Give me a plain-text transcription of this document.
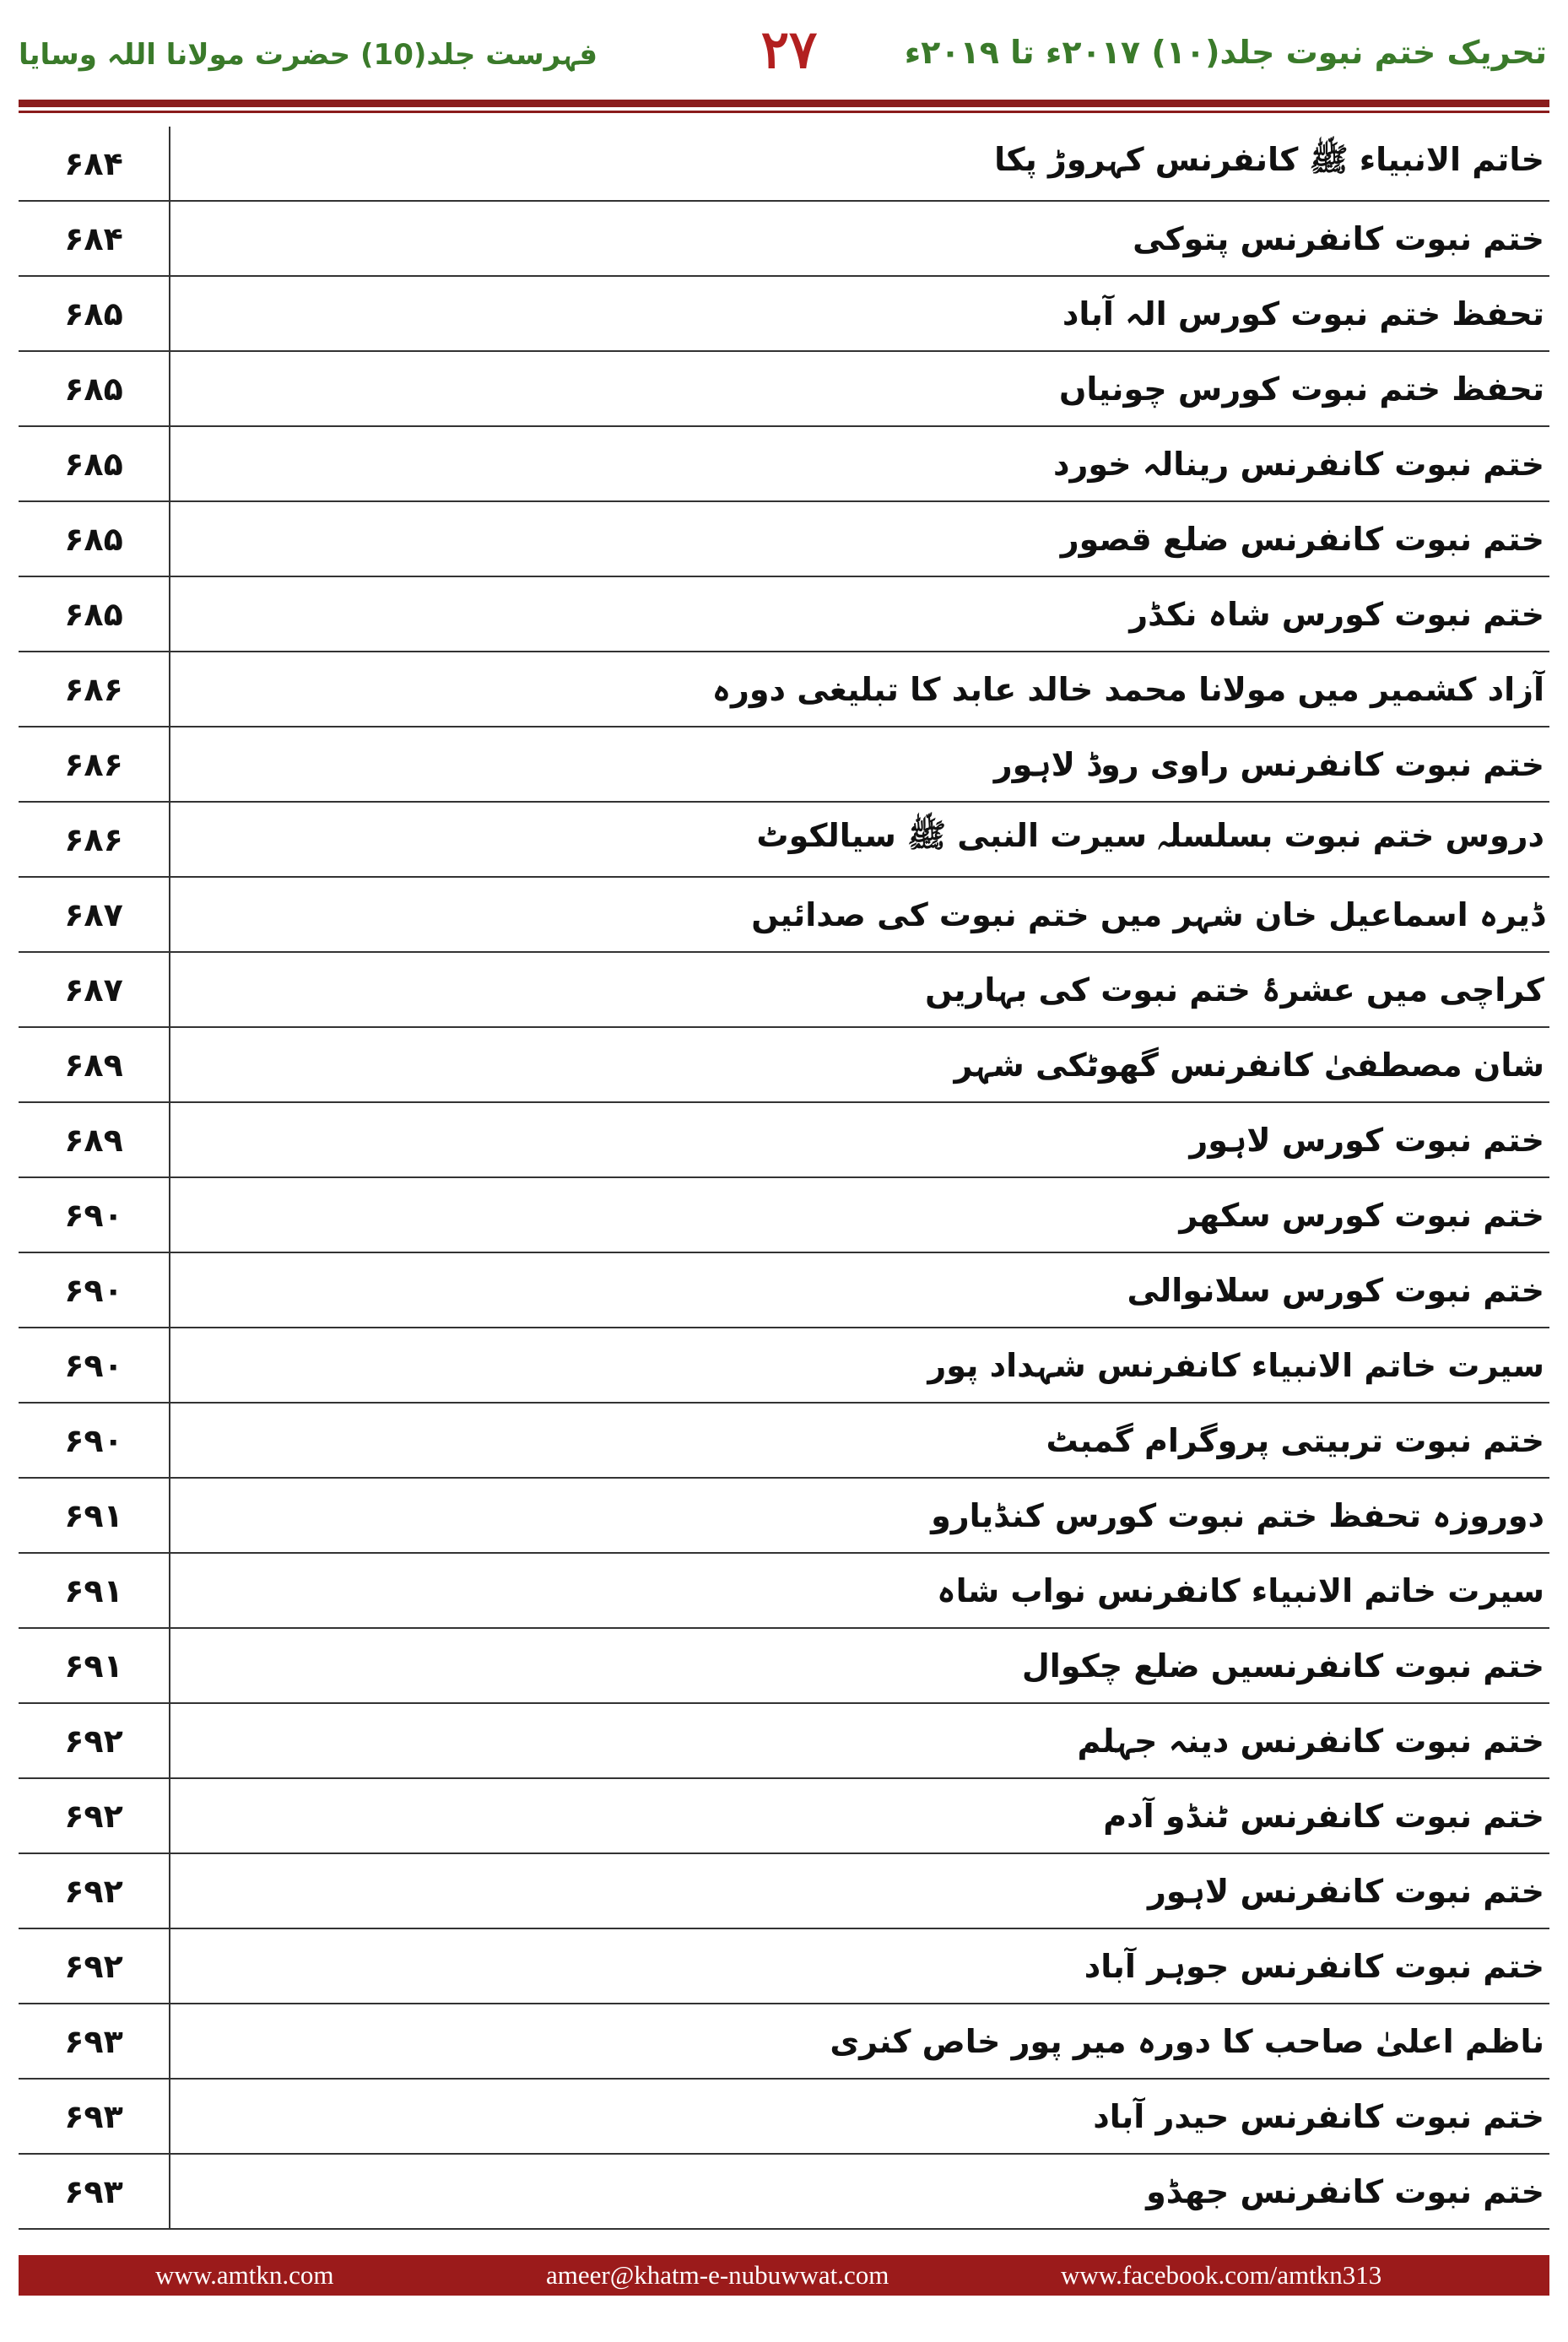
تحریک ختم نبوت جلد(۱۰) ۲۰۱۷ء تا ۲۰۱۹ء
۲۷
فہرست جلد(10) حضرت مولانا اللہ وسایا
۶۸۴	خاتم الانبیاء ﷺ کانفرنس کہروڑ پکا
۶۸۴	ختم نبوت کانفرنس پتوکی
۶۸۵	تحفظ ختم نبوت کورس الہ آباد
۶۸۵	تحفظ ختم نبوت کورس چونیاں
۶۸۵	ختم نبوت کانفرنس رینالہ خورد
۶۸۵	ختم نبوت کانفرنس ضلع قصور
۶۸۵	ختم نبوت کورس شاہ نکڈر
۶۸۶	آزاد کشمیر میں مولانا محمد خالد عابد کا تبلیغی دورہ
۶۸۶	ختم نبوت کانفرنس راوی روڈ لاہور
۶۸۶	دروس ختم نبوت بسلسلہ سیرت النبی ﷺ سیالکوٹ
۶۸۷	ڈیرہ اسماعیل خان شہر میں ختم نبوت کی صدائیں
۶۸۷	کراچی میں عشرۂ ختم نبوت کی بہاریں
۶۸۹	شان مصطفیٰ کانفرنس گھوٹکی شہر
۶۸۹	ختم نبوت کورس لاہور
۶۹۰	ختم نبوت کورس سکھر
۶۹۰	ختم نبوت کورس سلانوالی
۶۹۰	سیرت خاتم الانبیاء کانفرنس شہداد پور
۶۹۰	ختم نبوت تربیتی پروگرام گمبٹ
۶۹۱	دوروزہ تحفظ ختم نبوت کورس کنڈیارو
۶۹۱	سیرت خاتم الانبیاء کانفرنس نواب شاہ
۶۹۱	ختم نبوت کانفرنسیں ضلع چکوال
۶۹۲	ختم نبوت کانفرنس دینہ جہلم
۶۹۲	ختم نبوت کانفرنس ٹنڈو آدم
۶۹۲	ختم نبوت کانفرنس لاہور
۶۹۲	ختم نبوت کانفرنس جوہر آباد
۶۹۳	ناظم اعلیٰ صاحب کا دورہ میر پور خاص کنری
۶۹۳	ختم نبوت کانفرنس حیدر آباد
۶۹۳	ختم نبوت کانفرنس جھڈو
www.amtkn.com	ameer@khatm-e-nubuwwat.com	www.facebook.com/amtkn313
